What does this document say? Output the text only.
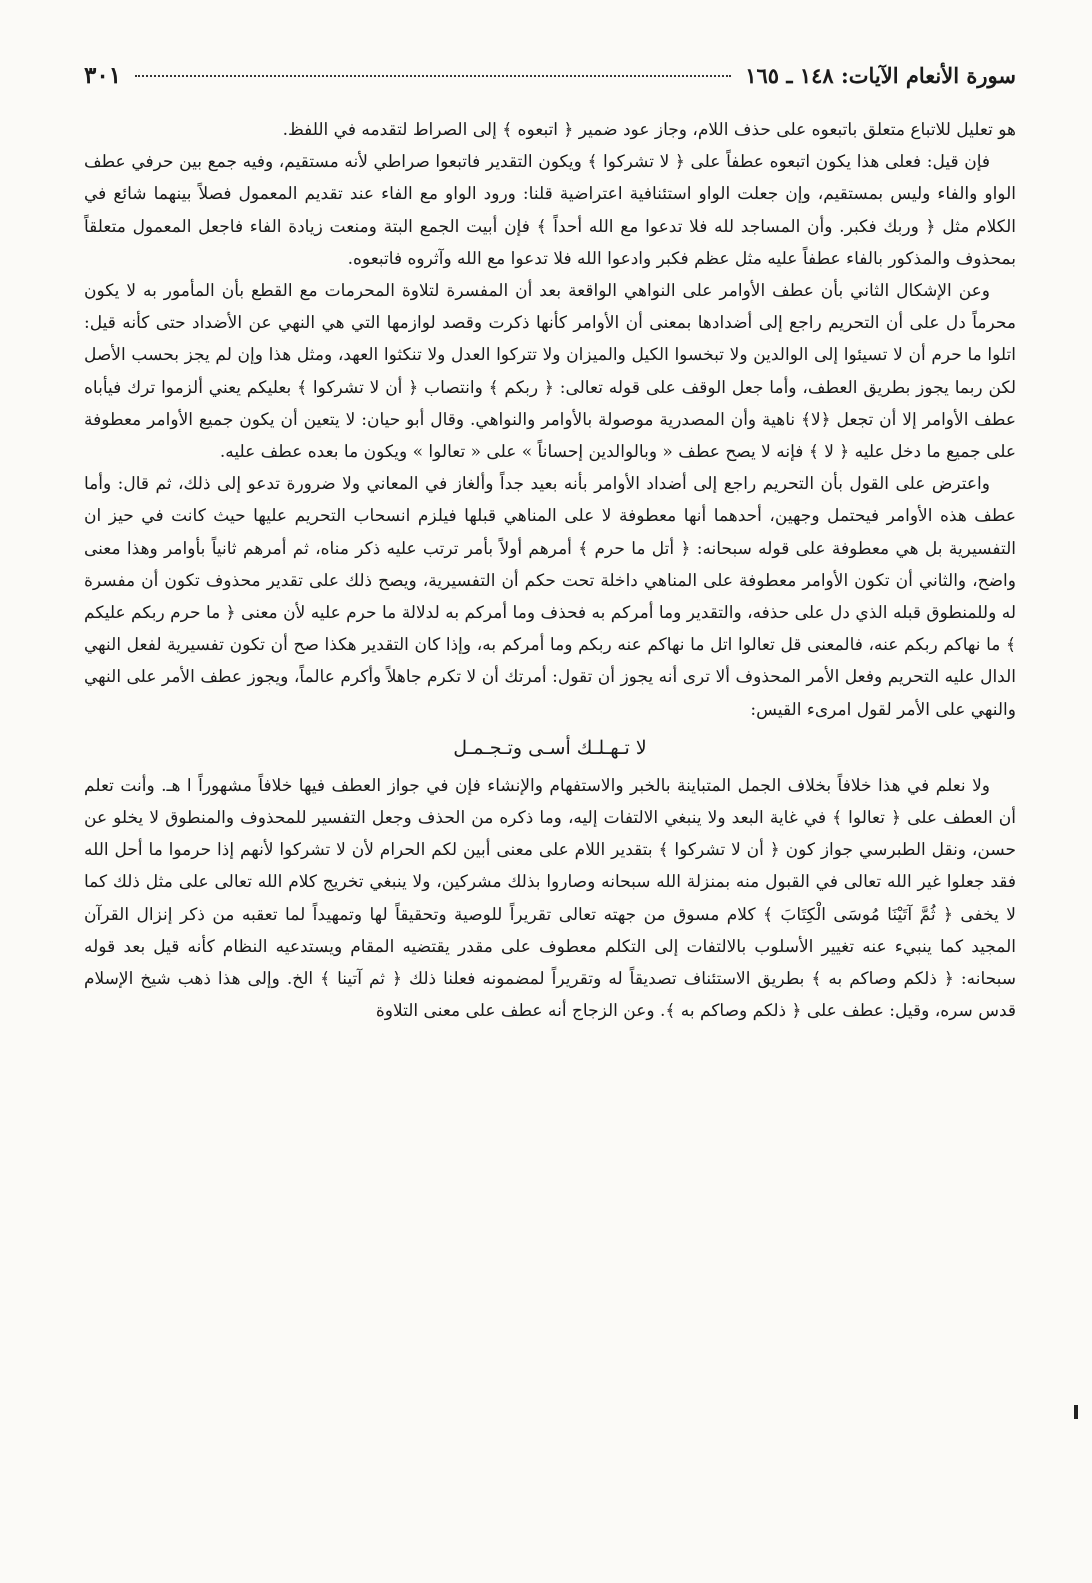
سورة الأنعام الآيات: ١٤٨ ـ ١٦٥
٣٠١

هو تعليل للاتباع متعلق باتبعوه على حذف اللام، وجاز عود ضمير ﴿ اتبعوه ﴾ إلى الصراط لتقدمه في اللفظ.

فإن قيل: فعلى هذا يكون اتبعوه عطفاً على ﴿ لا تشركوا ﴾ ويكون التقدير فاتبعوا صراطي لأنه مستقيم، وفيه جمع بين حرفي عطف الواو والفاء وليس بمستقيم، وإن جعلت الواو استئنافية اعتراضية قلنا: ورود الواو مع الفاء عند تقديم المعمول فصلاً بينهما شائع في الكلام مثل ﴿ وربك فكبر. وأن المساجد لله فلا تدعوا مع الله أحداً ﴾ فإن أبيت الجمع البتة ومنعت زيادة الفاء فاجعل المعمول متعلقاً بمحذوف والمذكور بالفاء عطفاً عليه مثل عظم فكبر وادعوا الله فلا تدعوا مع الله وآثروه فاتبعوه.

وعن الإشكال الثاني بأن عطف الأوامر على النواهي الواقعة بعد أن المفسرة لتلاوة المحرمات مع القطع بأن المأمور به لا يكون محرماً دل على أن التحريم راجع إلى أضدادها بمعنى أن الأوامر كأنها ذكرت وقصد لوازمها التي هي النهي عن الأضداد حتى كأنه قيل: اتلوا ما حرم أن لا تسيئوا إلى الوالدين ولا تبخسوا الكيل والميزان ولا تتركوا العدل ولا تنكثوا العهد، ومثل هذا وإن لم يجز بحسب الأصل لكن ربما يجوز بطريق العطف، وأما جعل الوقف على قوله تعالى: ﴿ ربكم ﴾ وانتصاب ﴿ أن لا تشركوا ﴾ بعليكم يعني ألزموا ترك فيأباه عطف الأوامر إلا أن تجعل ﴿لا﴾ ناهية وأن المصدرية موصولة بالأوامر والنواهي. وقال أبو حيان: لا يتعين أن يكون جميع الأوامر معطوفة على جميع ما دخل عليه ﴿ لا ﴾ فإنه لا يصح عطف « وبالوالدين إحساناً » على « تعالوا » ويكون ما بعده عطف عليه.

واعترض على القول بأن التحريم راجع إلى أضداد الأوامر بأنه بعيد جداً وألغاز في المعاني ولا ضرورة تدعو إلى ذلك، ثم قال: وأما عطف هذه الأوامر فيحتمل وجهين، أحدهما أنها معطوفة لا على المناهي قبلها فيلزم انسحاب التحريم عليها حيث كانت في حيز ان التفسيرية بل هي معطوفة على قوله سبحانه: ﴿ أتل ما حرم ﴾ أمرهم أولاً بأمر ترتب عليه ذكر مناه، ثم أمرهم ثانياً بأوامر وهذا معنى واضح، والثاني أن تكون الأوامر معطوفة على المناهي داخلة تحت حكم أن التفسيرية، ويصح ذلك على تقدير محذوف تكون أن مفسرة له وللمنطوق قبله الذي دل على حذفه، والتقدير وما أمركم به فحذف وما أمركم به لدلالة ما حرم عليه لأن معنى ﴿ ما حرم ربكم عليكم ﴾ ما نهاكم ربكم عنه، فالمعنى قل تعالوا اتل ما نهاكم عنه ربكم وما أمركم به، وإذا كان التقدير هكذا صح أن تكون تفسيرية لفعل النهي الدال عليه التحريم وفعل الأمر المحذوف ألا ترى أنه يجوز أن تقول: أمرتك أن لا تكرم جاهلاً وأكرم عالماً، ويجوز عطف الأمر على النهي والنهي على الأمر لقول امرىء القيس:

لا تـهـلـك أسـى وتـجـمـل

ولا نعلم في هذا خلافاً بخلاف الجمل المتباينة بالخبر والاستفهام والإنشاء فإن في جواز العطف فيها خلافاً مشهوراً ا هـ. وأنت تعلم أن العطف على ﴿ تعالوا ﴾ في غاية البعد ولا ينبغي الالتفات إليه، وما ذكره من الحذف وجعل التفسير للمحذوف والمنطوق لا يخلو عن حسن، ونقل الطبرسي جواز كون ﴿ أن لا تشركوا ﴾ بتقدير اللام على معنى أبين لكم الحرام لأن لا تشركوا لأنهم إذا حرموا ما أحل الله فقد جعلوا غير الله تعالى في القبول منه بمنزلة الله سبحانه وصاروا بذلك مشركين، ولا ينبغي تخريج كلام الله تعالى على مثل ذلك كما لا يخفى ﴿ ثُمَّ آتَيْنَا مُوسَى الْكِتَابَ ﴾ كلام مسوق من جهته تعالى تقريراً للوصية وتحقيقاً لها وتمهيداً لما تعقبه من ذكر إنزال القرآن المجيد كما ينبيء عنه تغيير الأسلوب بالالتفات إلى التكلم معطوف على مقدر يقتضيه المقام ويستدعيه النظام كأنه قيل بعد قوله سبحانه: ﴿ ذلكم وصاكم به ﴾ بطريق الاستئناف تصديقاً له وتقريراً لمضمونه فعلنا ذلك ﴿ ثم آتينا ﴾ الخ. وإلى هذا ذهب شيخ الإسلام قدس سره، وقيل: عطف على ﴿ ذلكم وصاكم به ﴾. وعن الزجاج أنه عطف على معنى التلاوة
